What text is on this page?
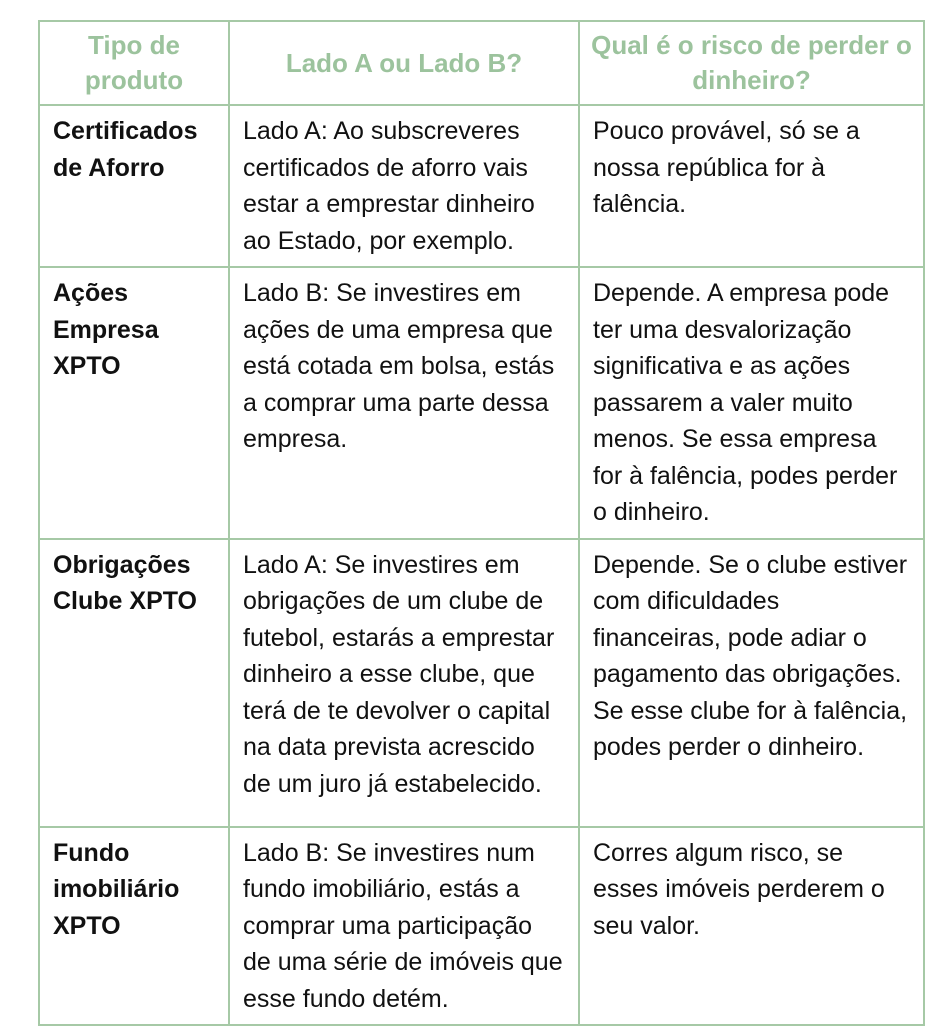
Tipo de produto	Lado A ou Lado B?	Qual é o risco de perder o dinheiro?
Certificados de Aforro	Lado A: Ao subscreveres certificados de aforro vais estar a emprestar dinheiro ao Estado, por exemplo.	Pouco provável, só se a nossa república for à falência.
Ações Empresa XPTO	Lado B: Se investires em ações de uma empresa que está cotada em bolsa, estás a comprar uma parte dessa empresa.	Depende. A empresa pode ter uma desvalorização significativa e as ações passarem a valer muito menos. Se essa empresa for à falência, podes perder o dinheiro.
Obrigações Clube XPTO	Lado A: Se investires em obrigações de um clube de futebol, estarás a emprestar dinheiro a esse clube, que terá de te devolver o capital na data prevista acrescido de um juro já estabelecido.	Depende. Se o clube estiver com dificuldades financeiras, pode adiar o pagamento das obrigações. Se esse clube for à falência, podes perder o dinheiro.
Fundo imobiliário XPTO	Lado B: Se investires num fundo imobiliário, estás a comprar uma participação de uma série de imóveis que esse fundo detém.	Corres algum risco, se esses imóveis perderem o seu valor.
